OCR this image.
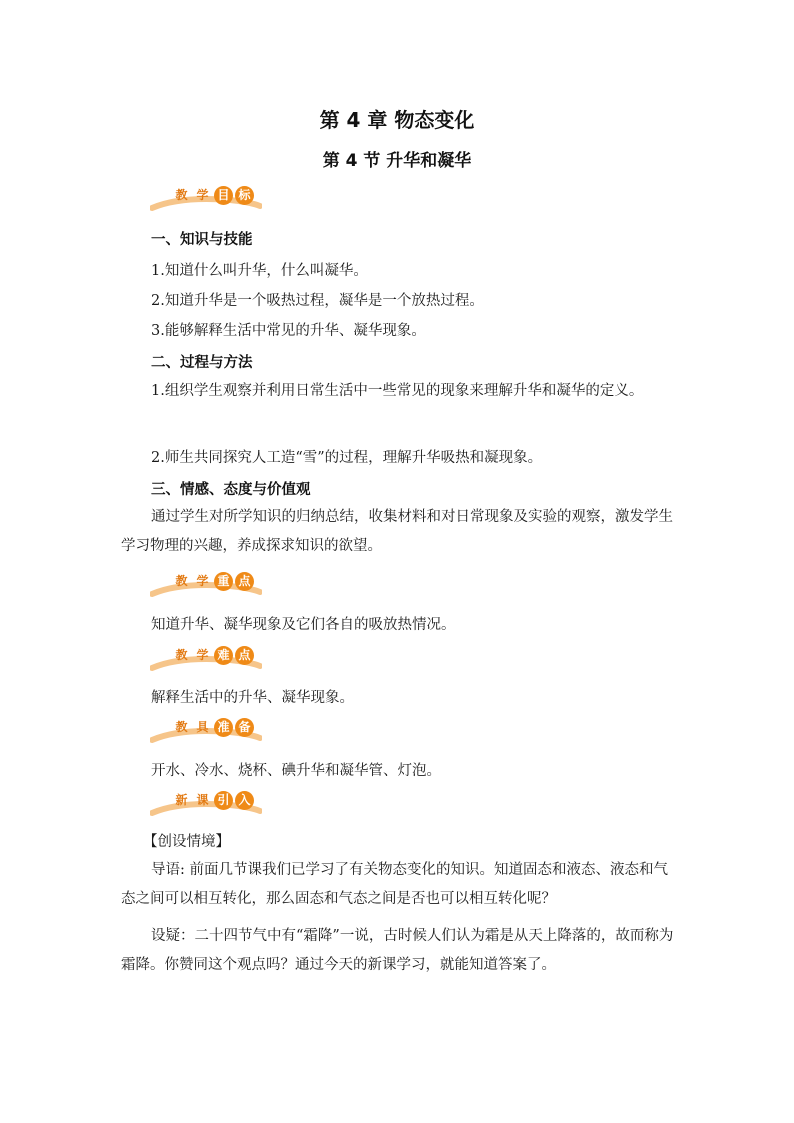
第 4 章 物态变化
第 4 节 升华和凝华
教 学 目 标
一、知识与技能
1.知道什么叫升华，什么叫凝华。
2.知道升华是一个吸热过程，凝华是一个放热过程。
3.能够解释生活中常见的升华、凝华现象。
二、过程与方法
1.组织学生观察并利用日常生活中一些常见的现象来理解升华和凝华的定义。
2.师生共同探究人工造“雪”的过程，理解升华吸热和凝现象。
三、情感、态度与价值观
通过学生对所学知识的归纳总结，收集材料和对日常现象及实验的观察，激发学生学习物理的兴趣，养成探求知识的欲望。
教 学 重 点
知道升华、凝华现象及它们各自的吸放热情况。
教 学 难 点
解释生活中的升华、凝华现象。
教 具 准 备
开水、冷水、烧杯、碘升华和凝华管、灯泡。
新 课 引 入
【创设情境】
导语: 前面几节课我们已学习了有关物态变化的知识。知道固态和液态、液态和气态之间可以相互转化，那么固态和气态之间是否也可以相互转化呢？
设疑：二十四节气中有“霜降”一说，古时候人们认为霜是从天上降落的，故而称为霜降。你赞同这个观点吗？通过今天的新课学习，就能知道答案了。
